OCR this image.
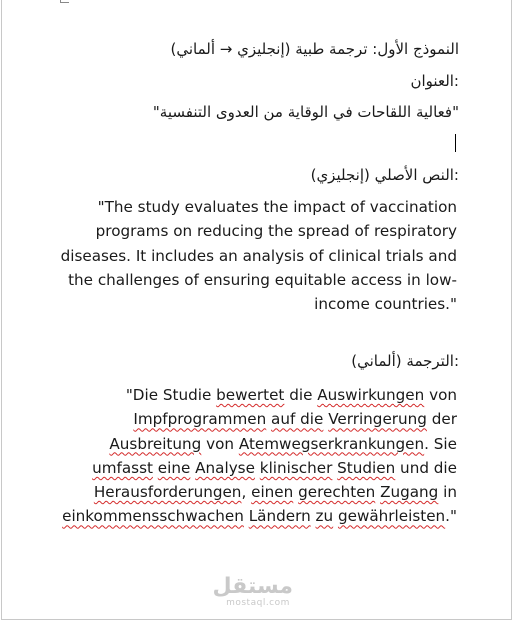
النموذج الأول: ترجمة طبية (إنجليزي → ألماني)
:العنوان
"فعالية اللقاحات في الوقاية من العدوى التنفسية"
:النص الأصلي (إنجليزي)
"The study evaluates the impact of vaccination
programs on reducing the spread of respiratory
diseases. It includes an analysis of clinical trials and
the challenges of ensuring equitable access in low-
income countries."
:الترجمة (ألماني)
"Die Studie bewertet die Auswirkungen von
Impfprogrammen auf die Verringerung der
Ausbreitung von Atemwegserkrankungen. Sie
umfasst eine Analyse klinischer Studien und die
Herausforderungen, einen gerechten Zugang in
einkommensschwachen Ländern zu gewährleisten."
مستقل
mostaql.com
